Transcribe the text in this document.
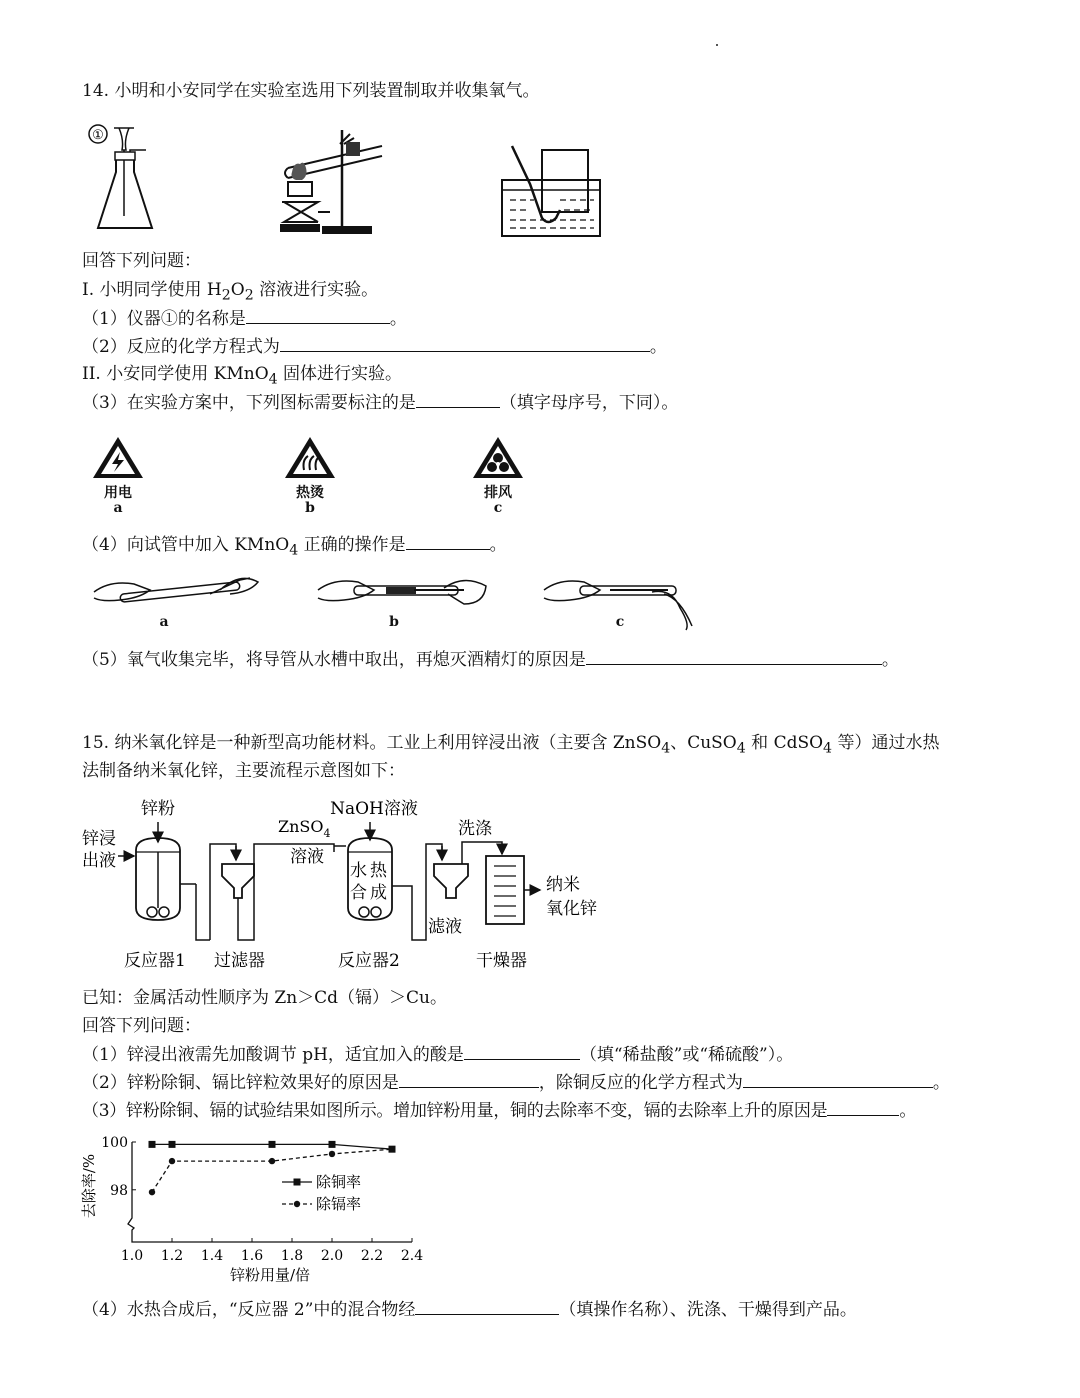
14. 小明和小安同学在实验室选用下列装置制取并收集氧气。
①
回答下列问题：
I. 小明同学使用 $H_2O_2$ 溶液进行实验。
（1）仪器①的名称是	。
（2）反应的化学方程式为	。
II. 小安同学使用 KMnO$_4$ 固体进行实验。
（3）在实验方案中，下列图标需要标注的是	（填字母序号，下同）。
用电
a
热烫
b
排风
c
（4）向试管中加入 KMnO$_4$ 正确的操作是	。
a	b	c
（5）氧气收集完毕，将导管从水槽中取出，再熄灭酒精灯的原因是	。
15. 纳米氧化锌是一种新型高功能材料。工业上利用锌浸出液（主要含 ZnSO$_4$、CuSO$_4$ 和 CdSO$_4$ 等）通过水热
法制备纳米氧化锌，主要流程示意图如下：
锌粉
锌浸
出液
ZnSO$_4$
溶液
NaOH溶液
水 热
合 成
洗涤
滤液
纳米
氧化锌
反应器1 过滤器	反应器2	干燥器
已知：金属活动性顺序为 Zn＞Cd（镉）＞Cu。
回答下列问题：
（1）锌浸出液需先加酸调节 pH，适宜加入的酸是	（填“稀盐酸”或“稀硫酸”）。
（2）锌粉除铜、镉比锌粒效果好的原因是	，除铜反应的化学方程式为	。
（3）锌粉除铜、镉的试验结果如图所示。增加锌粉用量，铜的去除率不变，镉的去除率上升的原因是	。
去除率/%
锌粉用量/倍
1.0 1.2 1.4 1.6 1.8 2.0 2.2 2.4
98
100
除铜率
除镉率
（4）水热合成后，“反应器 2”中的混合物经	（填操作名称）、洗涤、干燥得到产品。
